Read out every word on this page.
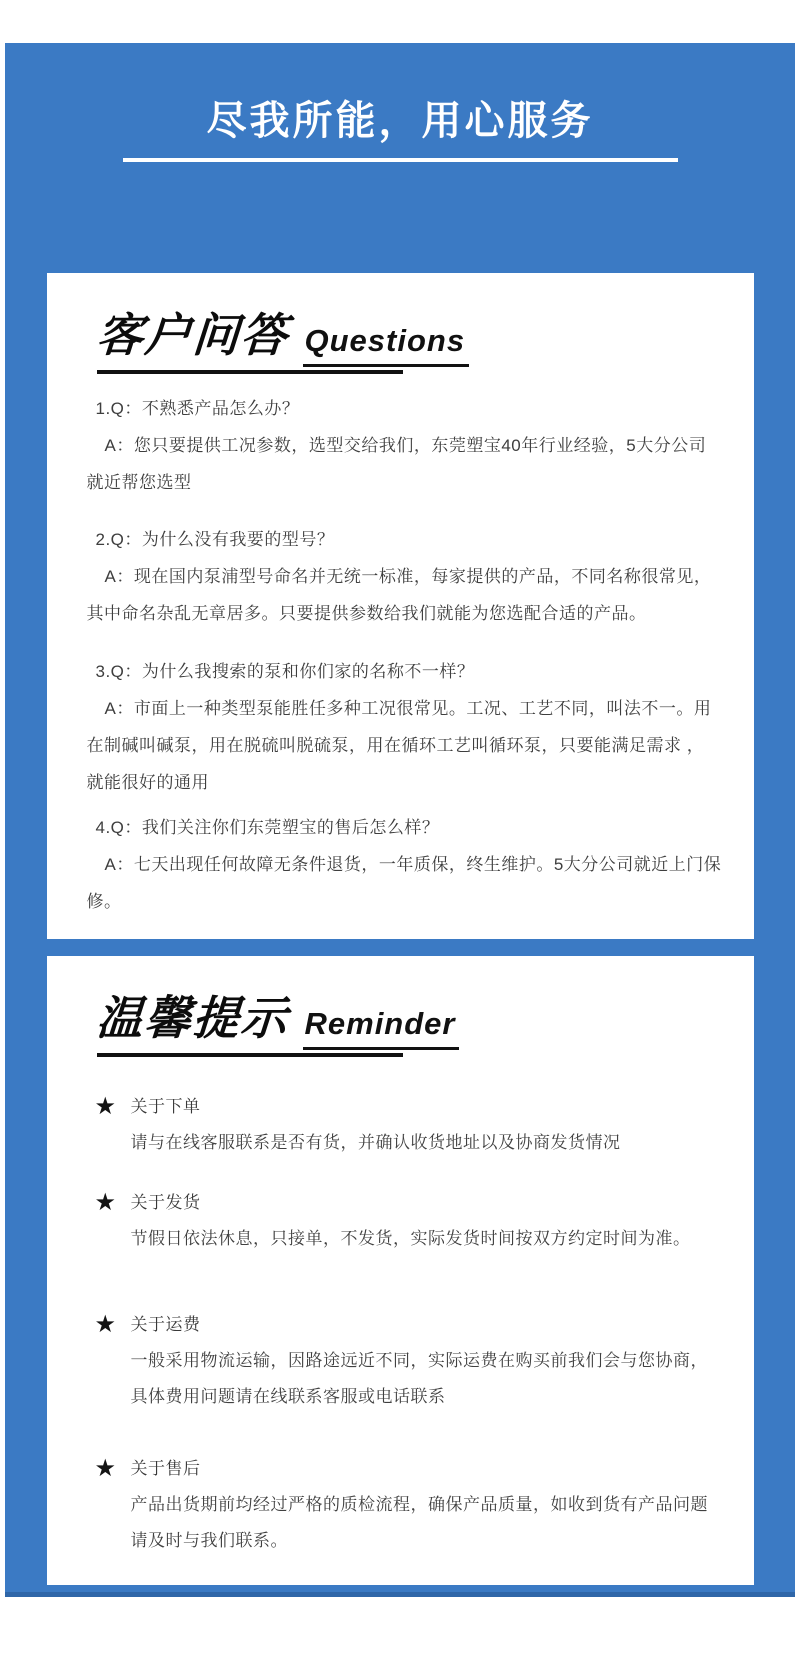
尽我所能，用心服务
客户问答 Questions

1.Q：不熟悉产品怎么办？

A：您只要提供工况参数，选型交给我们，东莞塑宝40年行业经验，5大分公司就近帮您选型

2.Q：为什么没有我要的型号？

A：现在国内泵浦型号命名并无统一标准，每家提供的产品，不同名称很常见，其中命名杂乱无章居多。只要提供参数给我们就能为您选配合适的产品。

3.Q：为什么我搜索的泵和你们家的名称不一样？

A：市面上一种类型泵能胜任多种工况很常见。工况、工艺不同，叫法不一。用在制碱叫碱泵，用在脱硫叫脱硫泵，用在循环工艺叫循环泵，只要能满足需求 ，就能很好的通用

4.Q：我们关注你们东莞塑宝的售后怎么样？

A：七天出现任何故障无条件退货，一年质保，终生维护。5大分公司就近上门保修。

温馨提示 Reminder
★ 关于下单
请与在线客服联系是否有货，并确认收货地址以及协商发货情况
★ 关于发货
节假日依法休息，只接单，不发货，实际发货时间按双方约定时间为准。
★ 关于运费
一般采用物流运输，因路途远近不同，实际运费在购买前我们会与您协商，具体费用问题请在线联系客服或电话联系
★ 关于售后
产品出货期前均经过严格的质检流程，确保产品质量，如收到货有产品问题请及时与我们联系。
